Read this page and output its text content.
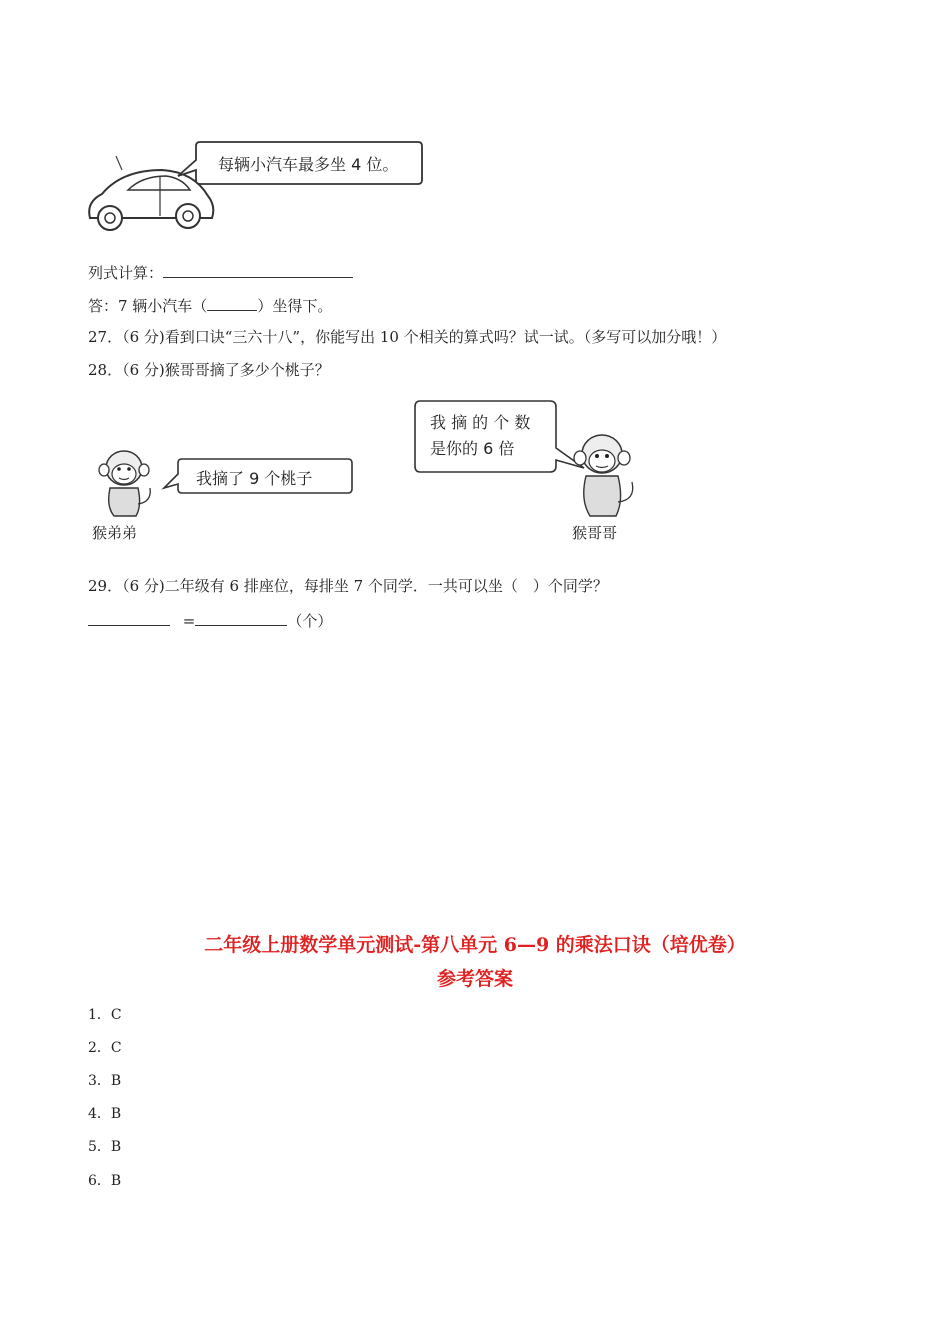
每辆小汽车最多坐 4 位。
列式计算：
答：7 辆小汽车（	）坐得下。
27．（6 分)看到口诀“三六十八”，你能写出 10 个相关的算式吗？试一试。（多写可以加分哦！）
28．（6 分)猴哥哥摘了多少个桃子？
猴弟弟
我摘了 9 个桃子
我 摘 的 个 数
是你的 6 倍
猴哥哥
29．（6 分)二年级有 6 排座位，每排坐 7 个同学．一共可以坐（　）个同学？
=	（个）
二年级上册数学单元测试-第八单元 6—9 的乘法口诀（培优卷）
参考答案
1．C
2．C
3．B
4．B
5．B
6．B
